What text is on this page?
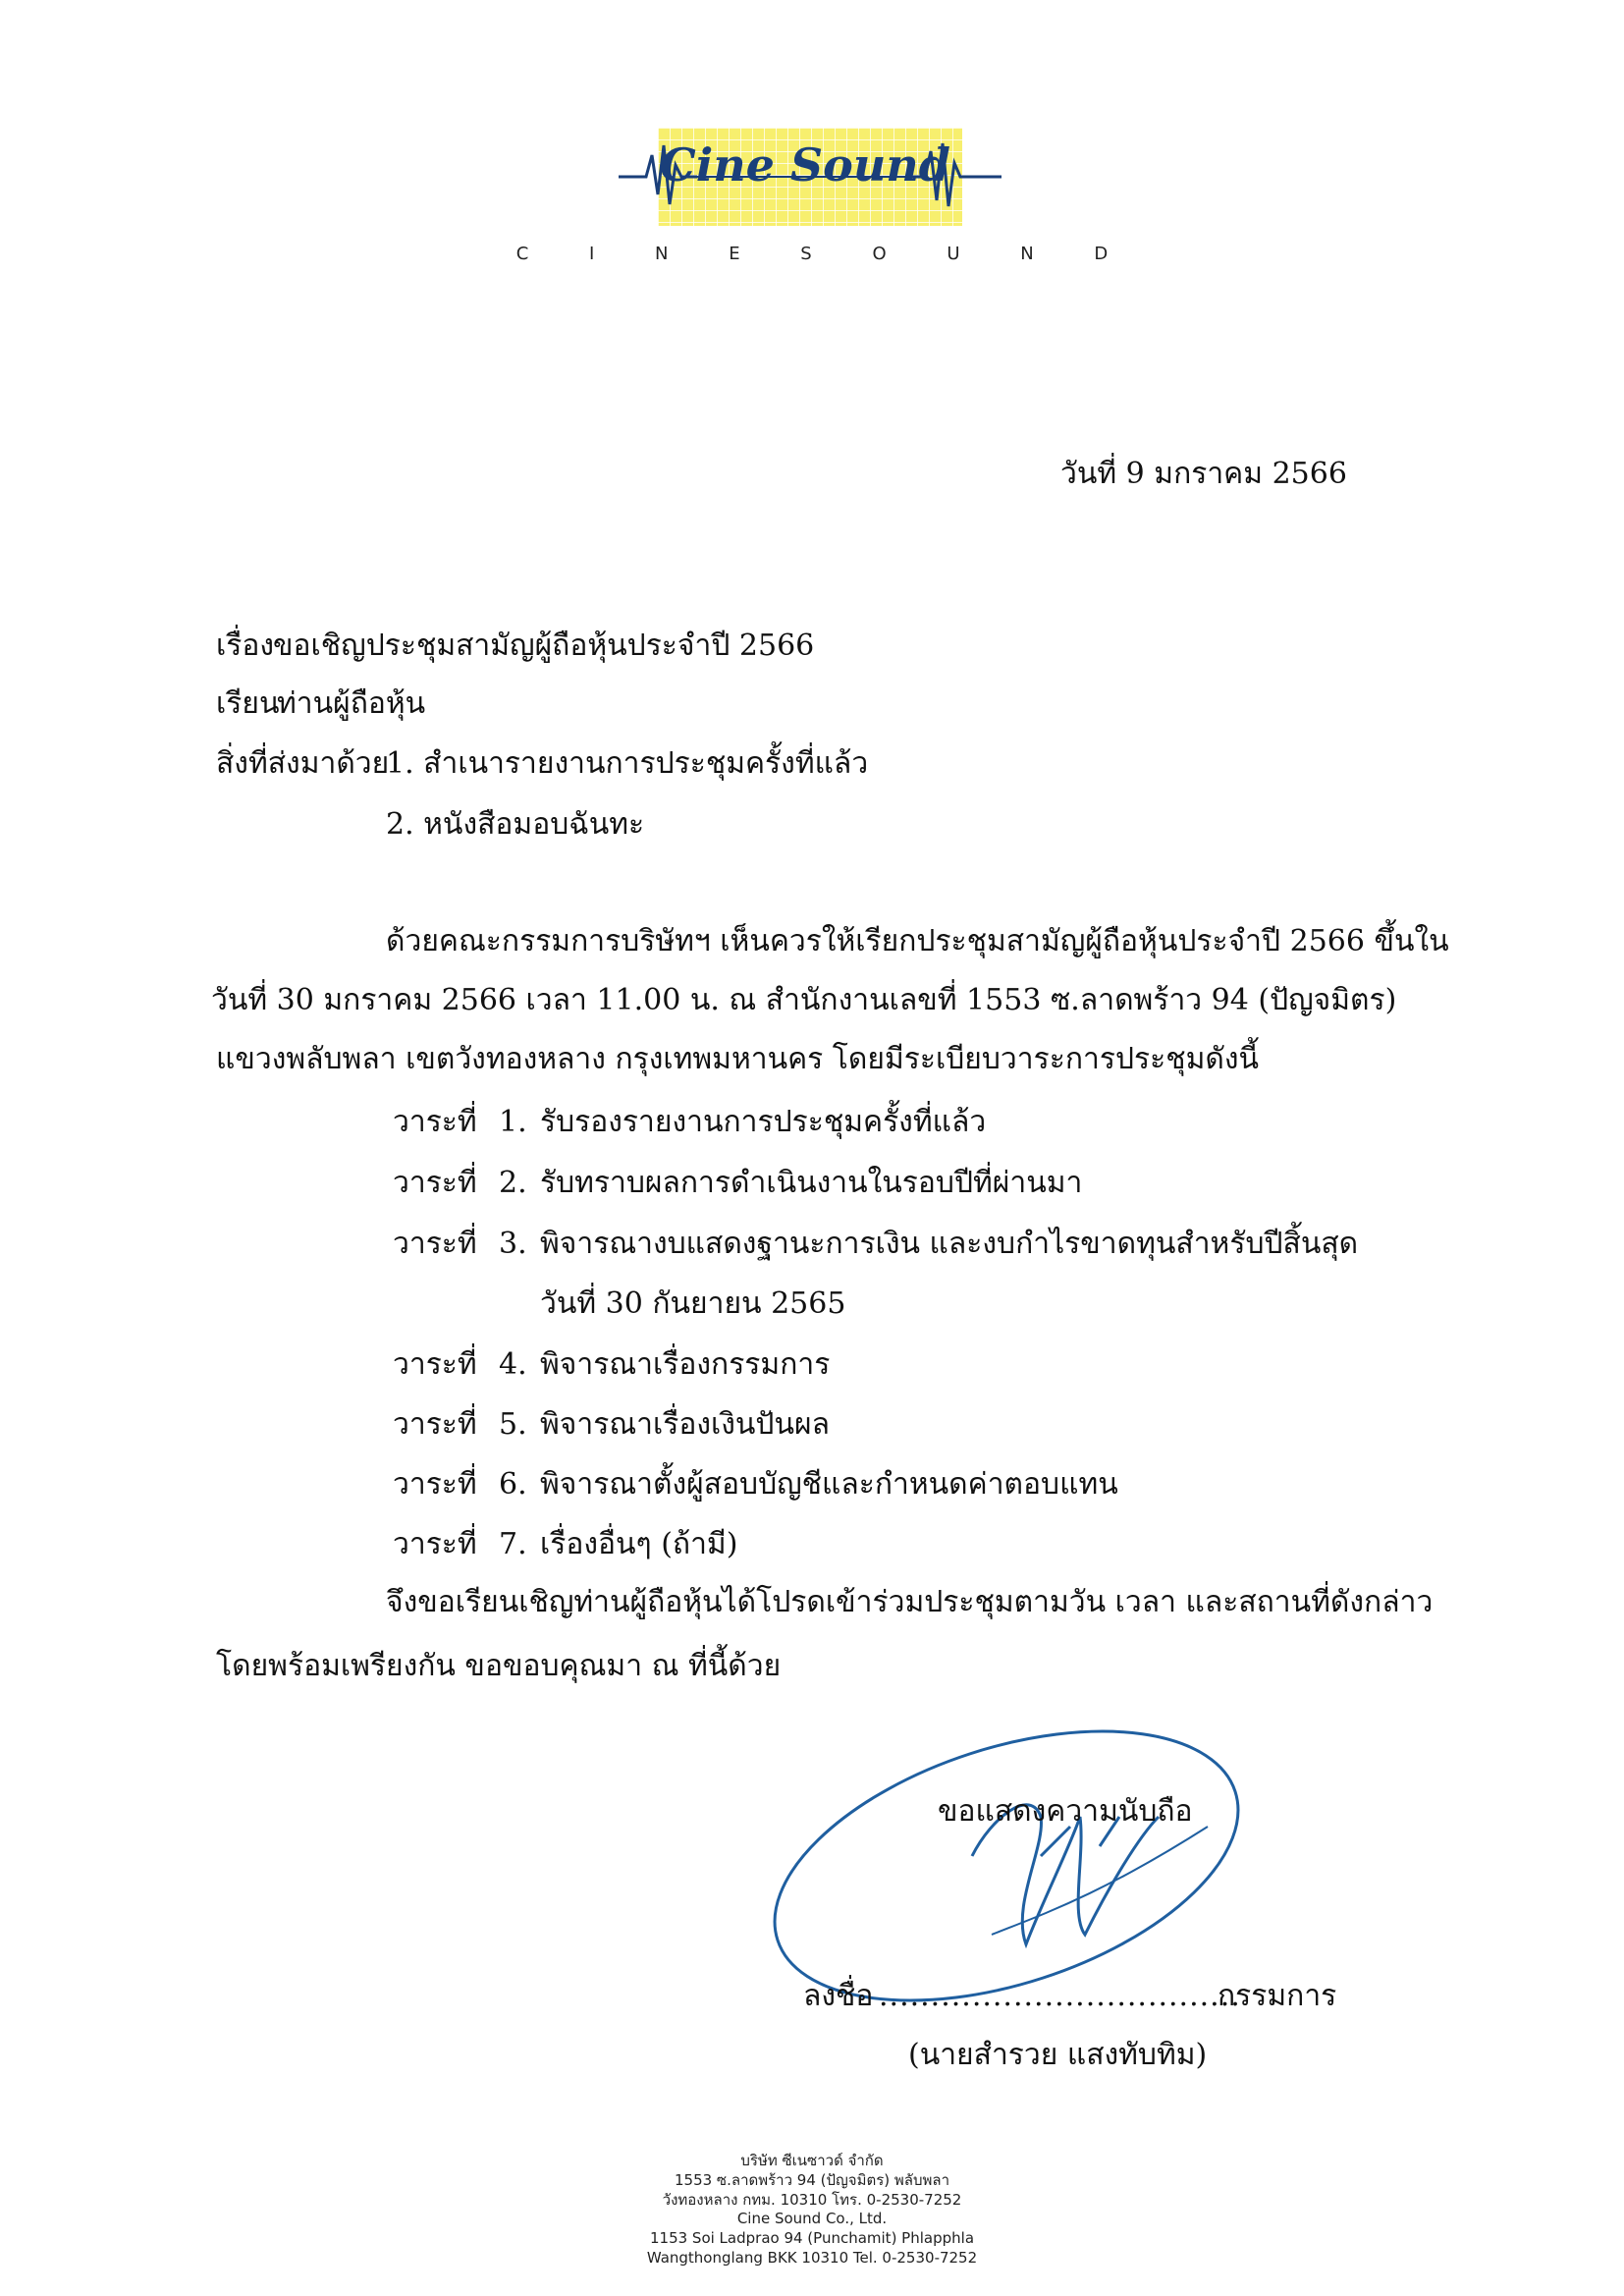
Cine Sound
C I N E S O U N D
วันที่ 9 มกราคม 2566
เรื่อง
ขอเชิญประชุมสามัญผู้ถือหุ้นประจำปี 2566
เรียน
ท่านผู้ถือหุ้น
สิ่งที่ส่งมาด้วย
1. สำเนารายงานการประชุมครั้งที่แล้ว
2. หนังสือมอบฉันทะ
ด้วยคณะกรรมการบริษัทฯ เห็นควรให้เรียกประชุมสามัญผู้ถือหุ้นประจำปี 2566 ขึ้นใน
วันที่ 30 มกราคม 2566 เวลา 11.00 น. ณ สำนักงานเลขที่ 1553 ซ.ลาดพร้าว 94 (ปัญจมิตร)
แขวงพลับพลา เขตวังทองหลาง กรุงเทพมหานคร โดยมีระเบียบวาระการประชุมดังนี้
วาระที่ 1. รับรองรายงานการประชุมครั้งที่แล้ว
วาระที่ 2. รับทราบผลการดำเนินงานในรอบปีที่ผ่านมา
วาระที่ 3. พิจารณางบแสดงฐานะการเงิน และงบกำไรขาดทุนสำหรับปีสิ้นสุด
วันที่ 30 กันยายน 2565
วาระที่ 4. พิจารณาเรื่องกรรมการ
วาระที่ 5. พิจารณาเรื่องเงินปันผล
วาระที่ 6. พิจารณาตั้งผู้สอบบัญชีและกำหนดค่าตอบแทน
วาระที่ 7. เรื่องอื่นๆ (ถ้ามี)
จึงขอเรียนเชิญท่านผู้ถือหุ้นได้โปรดเข้าร่วมประชุมตามวัน เวลา และสถานที่ดังกล่าว
โดยพร้อมเพรียงกัน ขอขอบคุณมา ณ ที่นี้ด้วย
ขอแสดงความนับถือ
ลงชื่อ ...................................
กรรมการ
(นายสำรวย แสงทับทิม)
บริษัท ซีเนซาวด์ จำกัด
1553 ซ.ลาดพร้าว 94 (ปัญจมิตร) พลับพลา
วังทองหลาง กทม. 10310 โทร. 0-2530-7252
Cine Sound Co., Ltd.
1153 Soi Ladprao 94 (Punchamit) Phlapphla
Wangthonglang BKK 10310 Tel. 0-2530-7252
